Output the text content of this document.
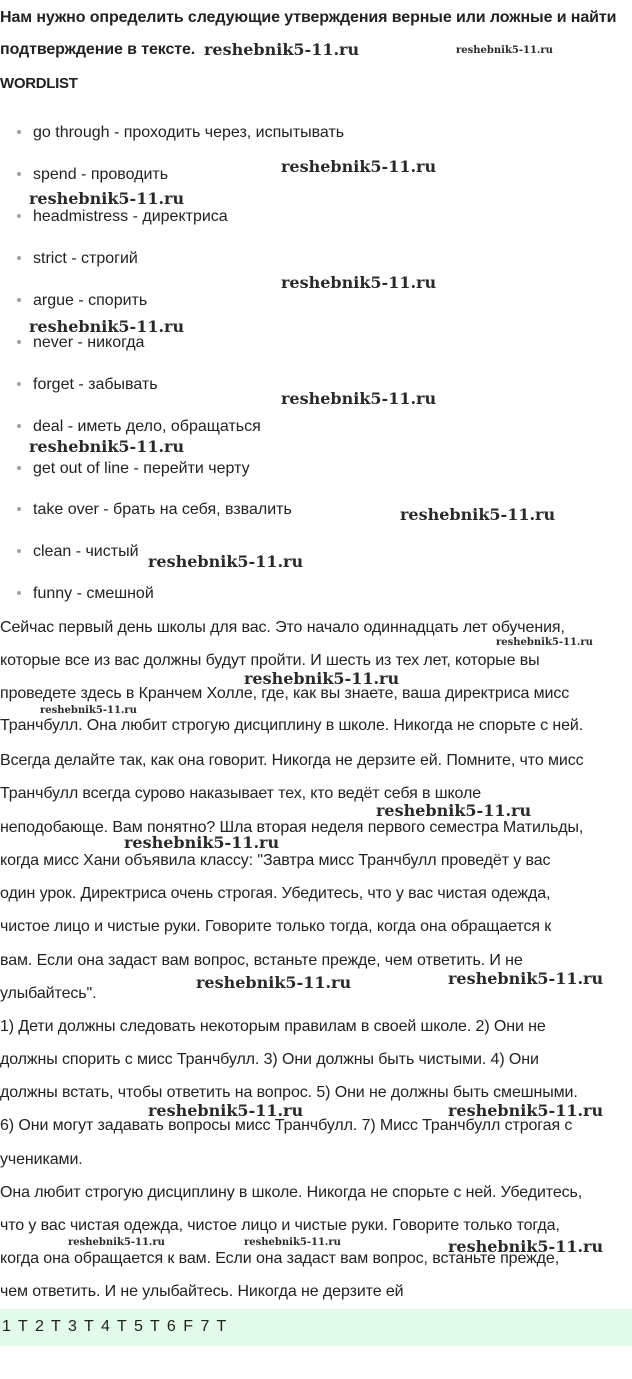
Нам нужно определить следующие утверждения верные или ложные и найти
подтверждение в тексте.
WORDLIST
go through - проходить через, испытывать
spend - проводить
headmistress - директриса
strict - строгий
argue - спорить
never - никогда
forget - забывать
deal - иметь дело, обращаться
get out of line - перейти черту
take over - брать на себя, взвалить
clean - чистый
funny - смешной
Сейчас первый день школы для вас. Это начало одиннадцать лет обучения,
которые все из вас должны будут пройти. И шесть из тех лет, которые вы
проведете здесь в Кранчем Холле, где, как вы знаете, ваша директриса мисс
Транчбулл. Она любит строгую дисциплину в школе. Никогда не спорьте с ней.
Всегда делайте так, как она говорит. Никогда не дерзите ей. Помните, что мисс
Транчбулл всегда сурово наказывает тех, кто ведёт себя в школе
неподобающе. Вам понятно? Шла вторая неделя первого семестра Матильды,
когда мисс Хани объявила классу: "Завтра мисс Транчбулл проведёт у вас
один урок. Директриса очень строгая. Убедитесь, что у вас чистая одежда,
чистое лицо и чистые руки. Говорите только тогда, когда она обращается к
вам. Если она задаст вам вопрос, встаньте прежде, чем ответить. И не
улыбайтесь".
1) Дети должны следовать некоторым правилам в своей школе. 2) Они не
должны спорить с мисс Транчбулл. 3) Они должны быть чистыми. 4) Они
должны встать, чтобы ответить на вопрос. 5) Они не должны быть смешными.
6) Они могут задавать вопросы мисс Транчбулл. 7) Мисс Транчбулл строгая с
учениками.
Она любит строгую дисциплину в школе. Никогда не спорьте с ней. Убедитесь,
что у вас чистая одежда, чистое лицо и чистые руки. Говорите только тогда,
когда она обращается к вам. Если она задаст вам вопрос, встаньте прежде,
чем ответить. И не улыбайтесь. Никогда не дерзите ей
1 T 2 T 3 T 4 T 5 T 6 F 7 T
reshebnik5-11.ru	reshebnik5-11.ru
reshebnik5-11.ru
reshebnik5-11.ru
reshebnik5-11.ru
reshebnik5-11.ru
reshebnik5-11.ru
reshebnik5-11.ru
reshebnik5-11.ru
reshebnik5-11.ru
reshebnik5-11.ru
reshebnik5-11.ru
reshebnik5-11.ru
reshebnik5-11.ru
reshebnik5-11.ru
reshebnik5-11.ru	reshebnik5-11.ru
reshebnik5-11.ru	reshebnik5-11.ru
reshebnik5-11.ru	reshebnik5-11.ru	reshebnik5-11.ru
